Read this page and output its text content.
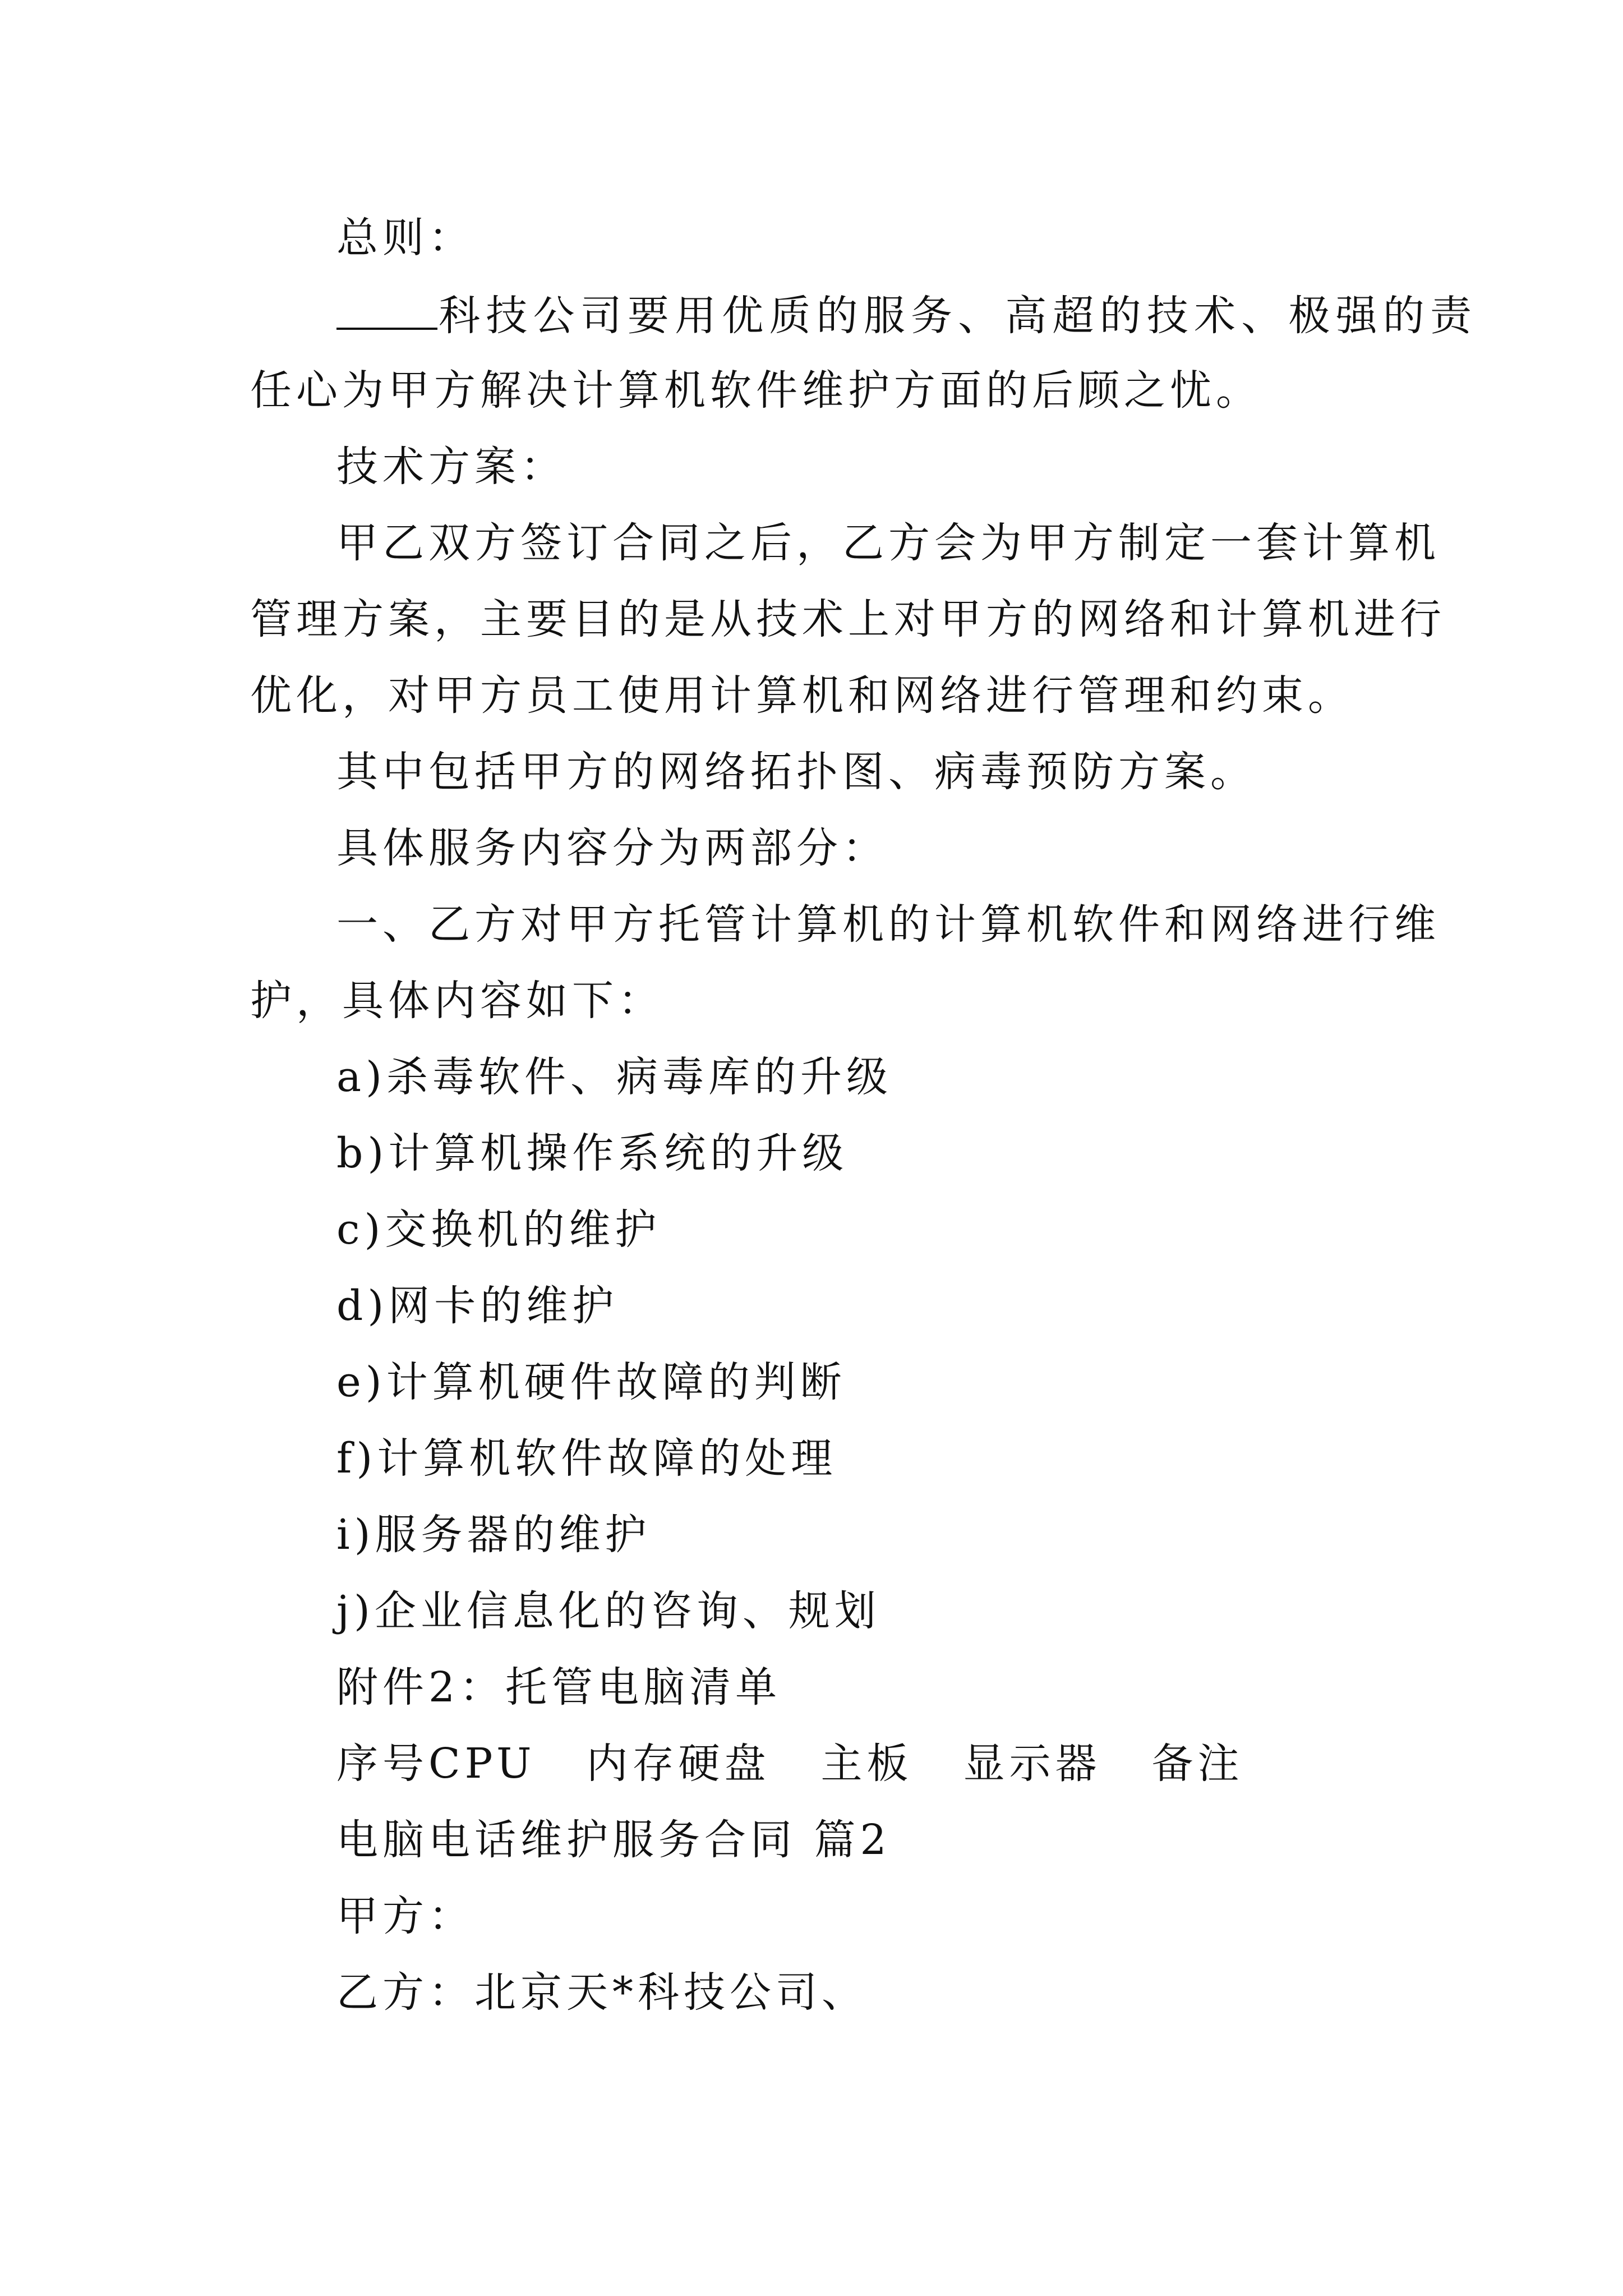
总则：
科技公司要用优质的服务、高超的技术、极强的责
任心为甲方解决计算机软件维护方面的后顾之忧。
技术方案：
甲乙双方签订合同之后，乙方会为甲方制定一套计算机
管理方案，主要目的是从技术上对甲方的网络和计算机进行
优化，对甲方员工使用计算机和网络进行管理和约束。
其中包括甲方的网络拓扑图、病毒预防方案。
具体服务内容分为两部分：
一、乙方对甲方托管计算机的计算机软件和网络进行维
护，具体内容如下：
a)杀毒软件、病毒库的升级
b)计算机操作系统的升级
c)交换机的维护
d)网卡的维护
e)计算机硬件故障的判断
f)计算机软件故障的处理
i)服务器的维护
j)企业信息化的咨询、规划
附件2：托管电脑清单
序号CPU 内存硬盘 主板 显示器 备注
电脑电话维护服务合同 篇2
甲方：
乙方：北京天*科技公司、
